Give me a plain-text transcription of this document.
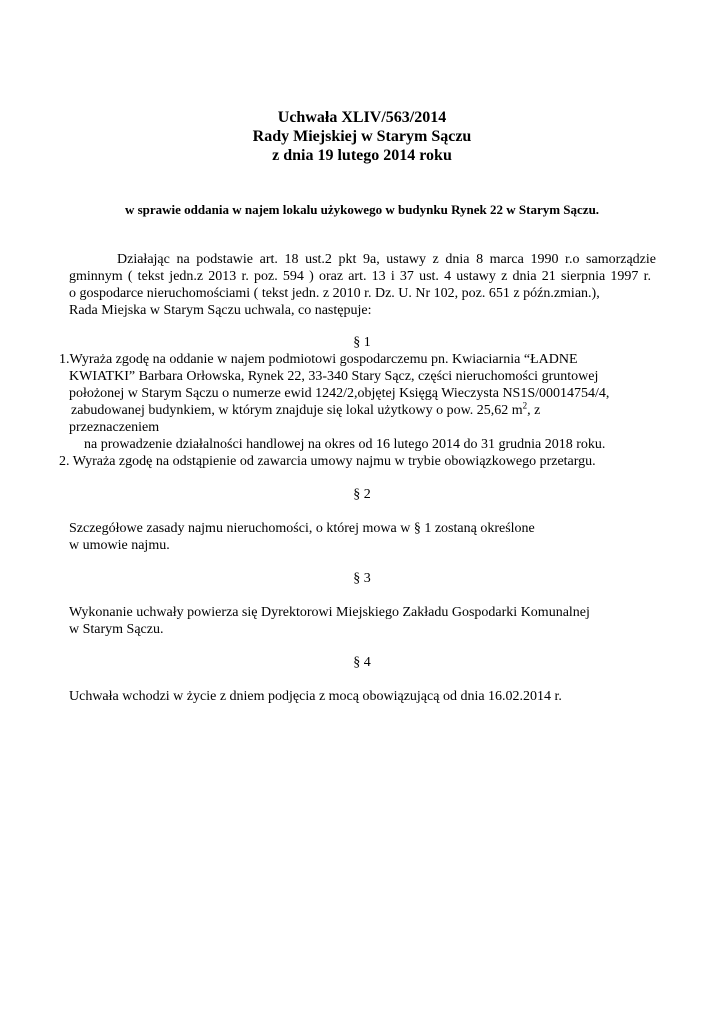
Uchwała XLIV/563/2014
Rady Miejskiej w Starym Sączu
z dnia 19 lutego 2014 roku
w sprawie oddania w najem lokalu użykowego w budynku Rynek 22 w Starym Sączu.
Działając na podstawie art. 18 ust.2 pkt 9a, ustawy z dnia 8 marca 1990 r.o samorządzie
gminnym ( tekst jedn.z 2013 r. poz. 594 ) oraz art. 13 i 37 ust. 4 ustawy z dnia 21 sierpnia 1997 r.
o gospodarce nieruchomościami ( tekst jedn. z 2010 r. Dz. U. Nr 102, poz. 651 z późn.zmian.),
Rada Miejska w Starym Sączu uchwala, co następuje:
§ 1
1.Wyraża zgodę na oddanie w najem podmiotowi gospodarczemu pn. Kwiaciarnia “ŁADNE
KWIATKI” Barbara Orłowska, Rynek 22, 33-340 Stary Sącz, części nieruchomości gruntowej
położonej w Starym Sączu o numerze ewid 1242/2,objętej Księgą Wieczysta NS1S/00014754/4,
zabudowanej budynkiem, w którym znajduje się lokal użytkowy o pow. 25,62 $m^2$, z
przeznaczeniem
na prowadzenie działalności handlowej na okres od 16 lutego 2014 do 31 grudnia 2018 roku.
2. Wyraża zgodę na odstąpienie od zawarcia umowy najmu w trybie obowiązkowego przetargu.
§ 2
Szczegółowe zasady najmu nieruchomości, o której mowa w § 1 zostaną określone
w umowie najmu.
§ 3
Wykonanie uchwały powierza się Dyrektorowi Miejskiego Zakładu Gospodarki Komunalnej
w Starym Sączu.
§ 4
Uchwała wchodzi w życie z dniem podjęcia z mocą obowiązującą od dnia 16.02.2014 r.
